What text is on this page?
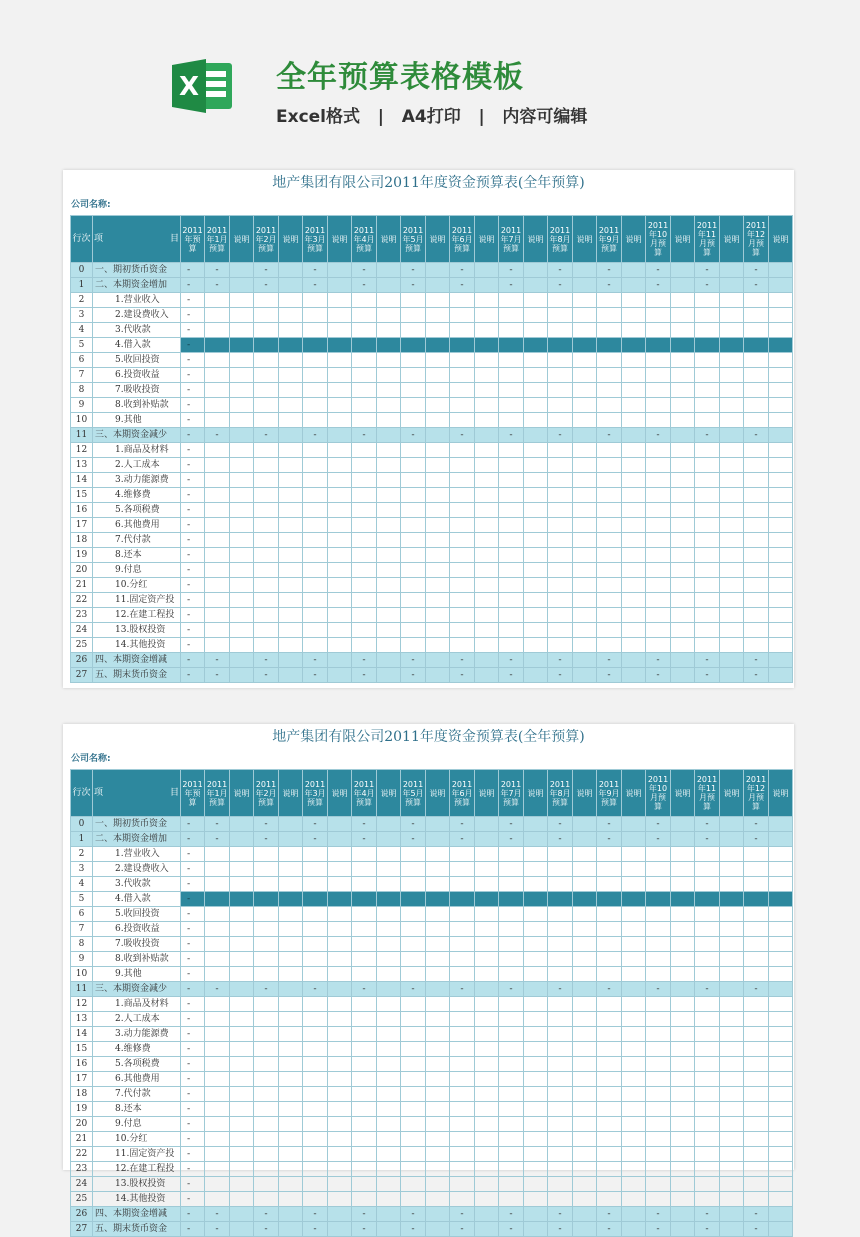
X	全年预算表格模板
Excel格式   |   A4打印   |   内容可编辑
地产集团有限公司2011年度资金预算表(全年预算)
公司名称:
行次	项 目	2011年预算	2011年1月预算	说明	2011年2月预算	说明	2011年3月预算	说明	2011年4月预算	说明	2011年5月预算	说明	2011年6月预算	说明	2011年7月预算	说明	2011年8月预算	说明	2011年9月预算	说明	2011年10月预算	说明	2011年11月预算	说明	2011年12月预算	说明
0	一、期初货币资金	-	-		-		-		-		-		-		-		-		-		-		-		-	
1	二、本期资金增加	-	-		-		-		-		-		-		-		-		-		-		-		-	
2	1.营业收入	-																								
3	2.建设费收入	-																								
4	3.代收款	-																								
5	4.借入款	-																								
6	5.收回投资	-																								
7	6.投资收益	-																								
8	7.吸收投资	-																								
9	8.收到补贴款	-																								
10	9.其他	-																								
11	三、本期资金减少	-	-		-		-		-		-		-		-		-		-		-		-		-	
12	1.商品及材料	-																								
13	2.人工成本	-																								
14	3.动力能源费	-																								
15	4.维修费	-																								
16	5.各项税费	-																								
17	6.其他费用	-																								
18	7.代付款	-																								
19	8.还本	-																								
20	9.付息	-																								
21	10.分红	-																								
22	11.固定资产投	-																								
23	12.在建工程投	-																								
24	13.股权投资	-																								
25	14.其他投资	-																								
26	四、本期资金增减	-	-		-		-		-		-		-		-		-		-		-		-		-	
27	五、期末货币资金	-	-		-		-		-		-		-		-		-		-		-		-		-	
地产集团有限公司2011年度资金预算表(全年预算)
公司名称:
行次	项 目	2011年预算	2011年1月预算	说明	2011年2月预算	说明	2011年3月预算	说明	2011年4月预算	说明	2011年5月预算	说明	2011年6月预算	说明	2011年7月预算	说明	2011年8月预算	说明	2011年9月预算	说明	2011年10月预算	说明	2011年11月预算	说明	2011年12月预算	说明
0	一、期初货币资金	-	-		-		-		-		-		-		-		-		-		-		-		-	
1	二、本期资金增加	-	-		-		-		-		-		-		-		-		-		-		-		-	
2	1.营业收入	-																								
3	2.建设费收入	-																								
4	3.代收款	-																								
5	4.借入款	-																								
6	5.收回投资	-																								
7	6.投资收益	-																								
8	7.吸收投资	-																								
9	8.收到补贴款	-																								
10	9.其他	-																								
11	三、本期资金减少	-	-		-		-		-		-		-		-		-		-		-		-		-	
12	1.商品及材料	-																								
13	2.人工成本	-																								
14	3.动力能源费	-																								
15	4.维修费	-																								
16	5.各项税费	-																								
17	6.其他费用	-																								
18	7.代付款	-																								
19	8.还本	-																								
20	9.付息	-																								
21	10.分红	-																								
22	11.固定资产投	-																								
23	12.在建工程投	-																								
24	13.股权投资	-																								
25	14.其他投资	-																								
26	四、本期资金增减	-	-		-		-		-		-		-		-		-		-		-		-		-	
27	五、期末货币资金	-	-		-		-		-		-		-		-		-		-		-		-		-	
